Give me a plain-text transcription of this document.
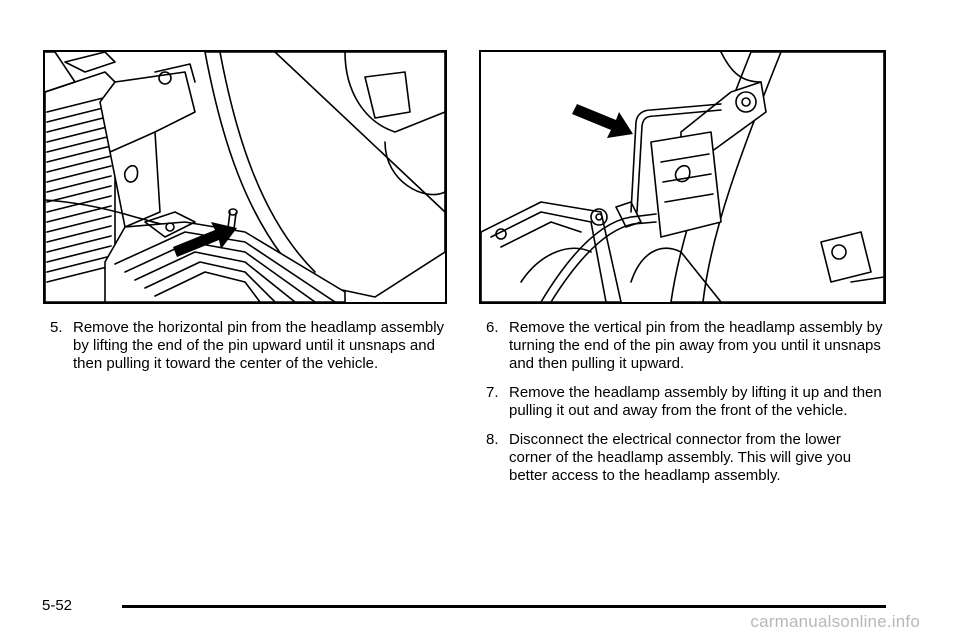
5. Remove the horizontal pin from the headlamp assembly by lifting the end of the pin upward until it unsnaps and then pulling it toward the center of the vehicle.
6. Remove the vertical pin from the headlamp assembly by turning the end of the pin away from you until it unsnaps and then pulling it upward.
7. Remove the headlamp assembly by lifting it up and then pulling it out and away from the front of the vehicle.
8. Disconnect the electrical connector from the lower corner of the headlamp assembly. This will give you better access to the headlamp assembly.
5-52
carmanualsonline.info
